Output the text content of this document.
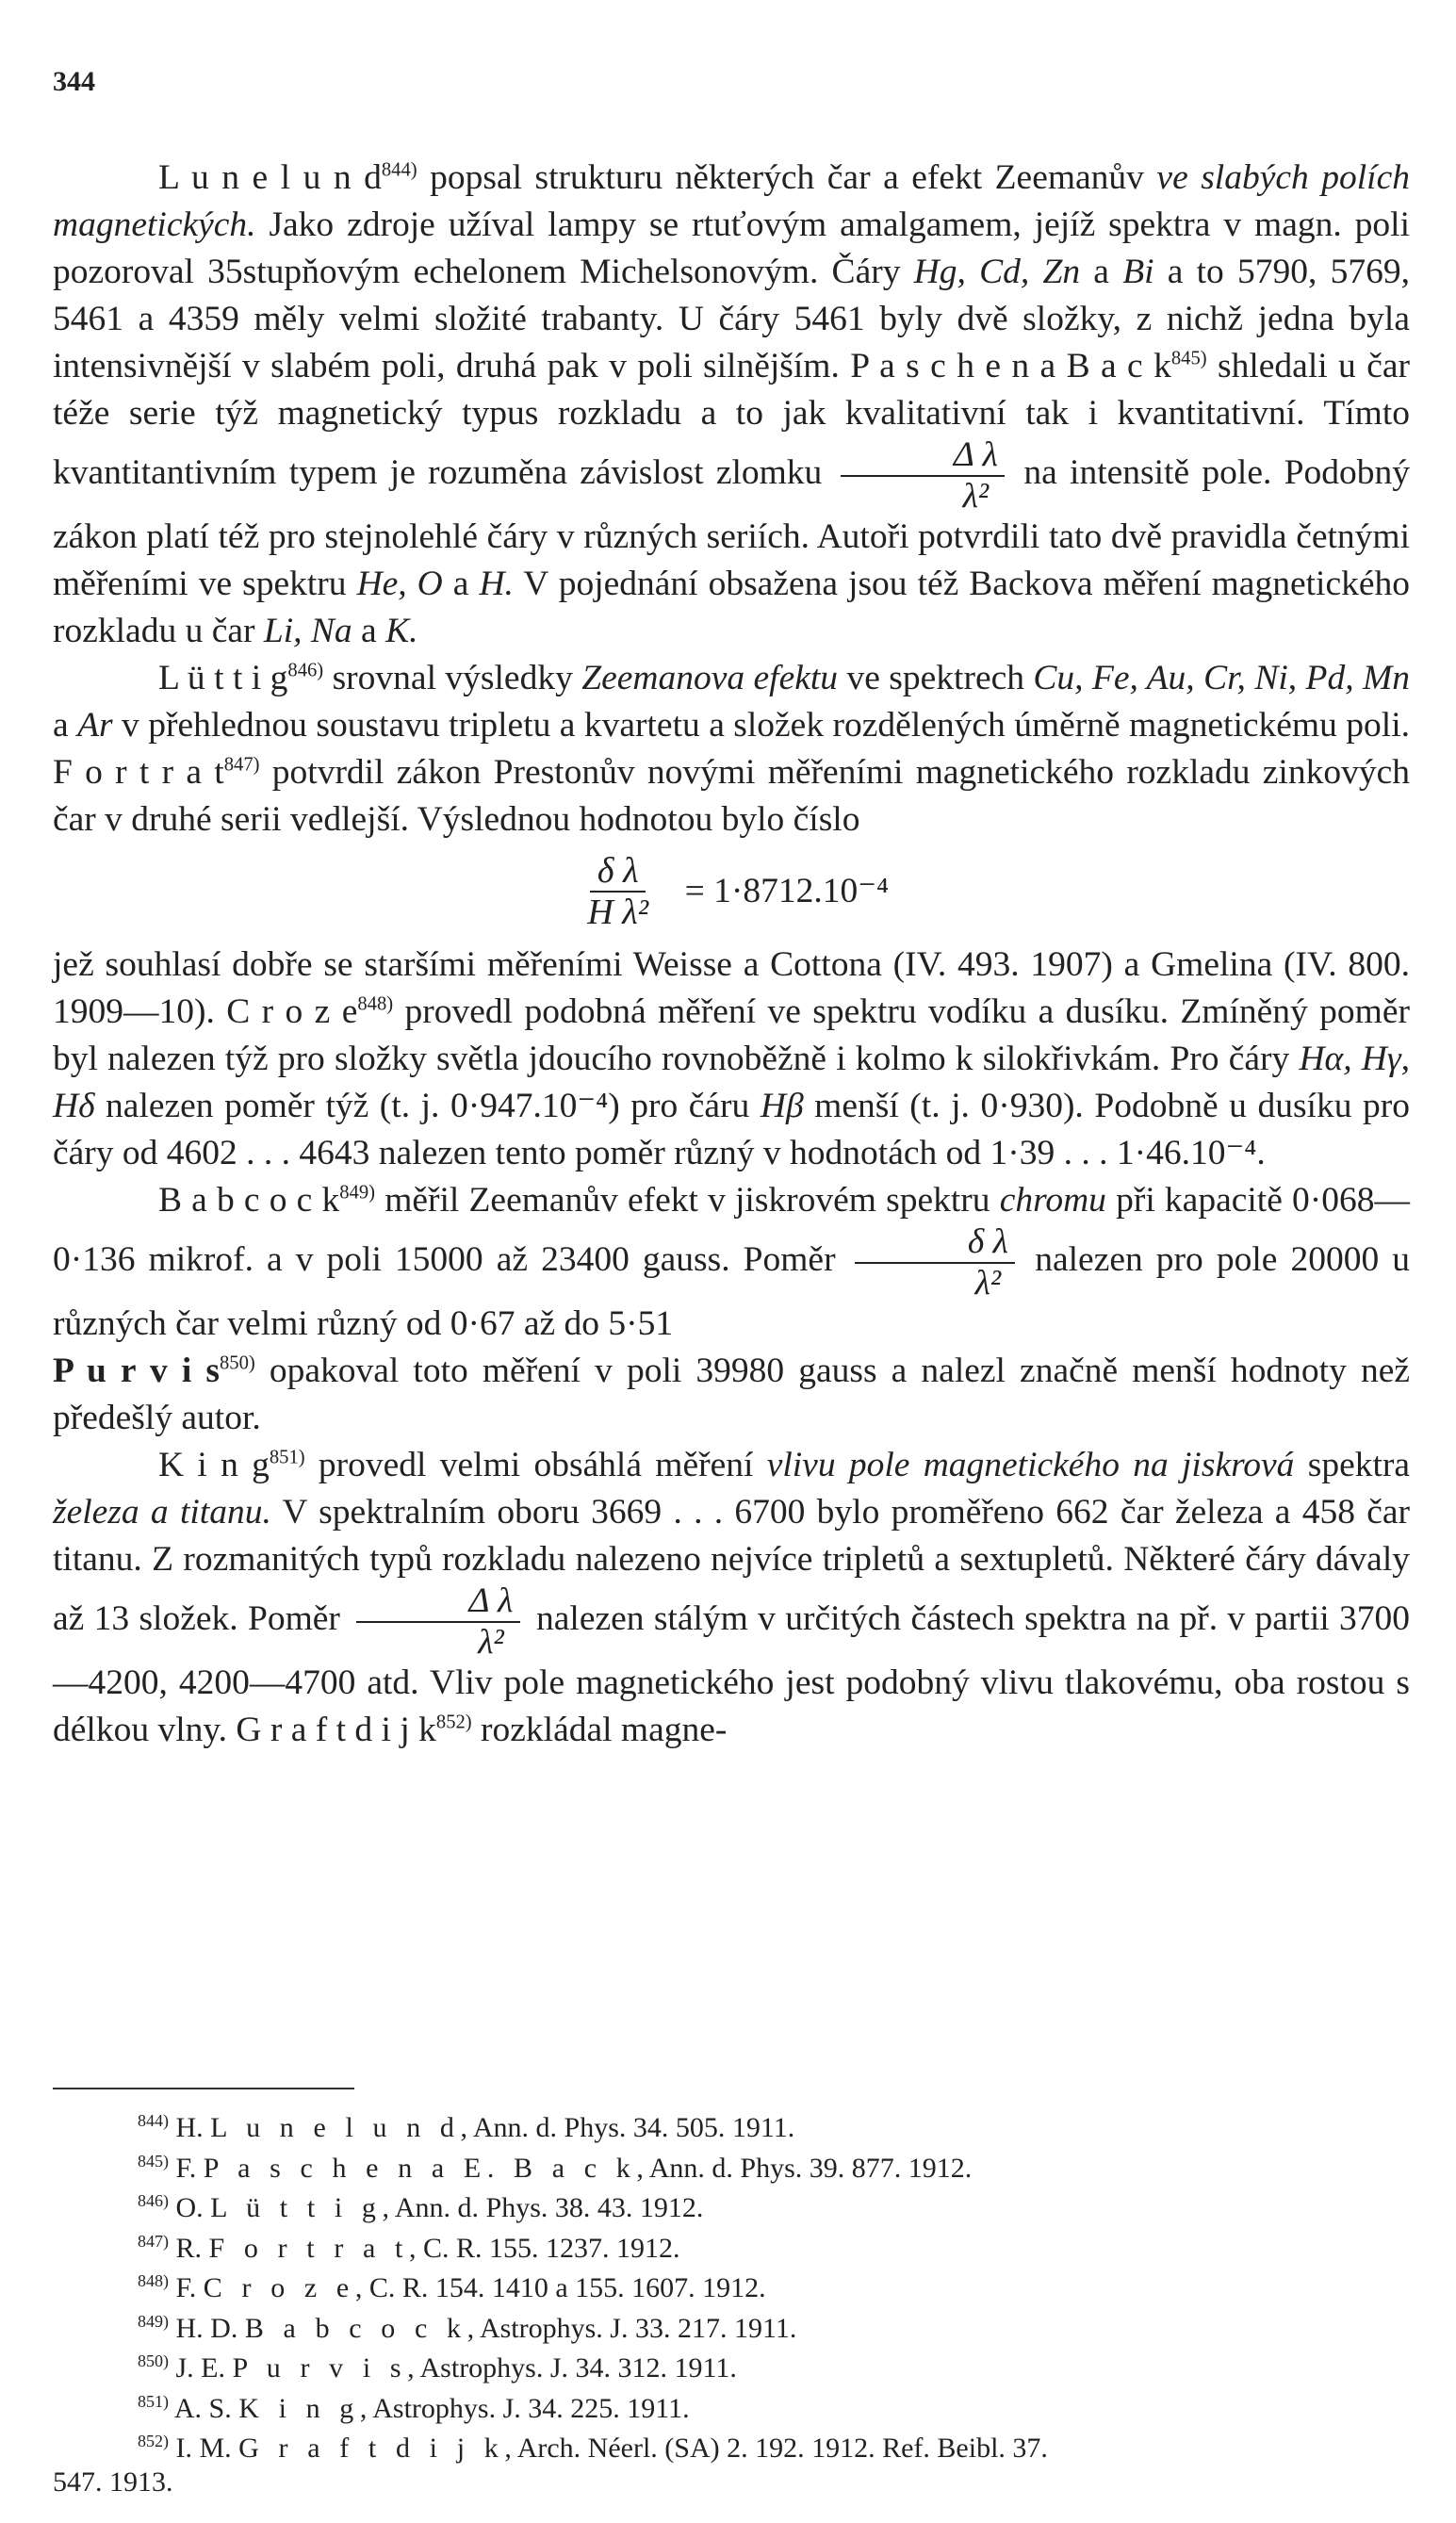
344

L u n e l u n $d^{844)}$ popsal strukturu některých čar a efekt Zeemanův ve slabých polích magnetických. Jako zdroje užíval lampy se rtuťovým amalgamem, jejíž spektra v magn. poli pozoroval 35stupňovým echelonem Michelsonovým. Čáry Hg, Cd, Zn a Bi a to 5790, 5769, 5461 a 4359 měly velmi složité trabanty. U čáry 5461 byly dvě složky, z nichž jedna byla intensivnější v slabém poli, druhá pak v poli silnějším. P a s c h e n a B a c $k^{845)}$ shledali u čar téže serie týž magnetický typus rozkladu a to jak kvalitativní tak i kvantitativní. Tímto kvantitantivním typem je rozuměna závislost zlomku $\frac{\text{Δ λ}}{\text{λ²}}$ na intensitě pole. Podobný zákon platí též pro stejnolehlé čáry v různých seriích. Autoři potvrdili tato dvě pravidla četnými měřeními ve spektru He, O a H. V pojednání obsažena jsou též Backova měření magnetického rozkladu u čar Li, Na a K.

L ü t t i $g^{846)}$ srovnal výsledky Zeemanova efektu ve spektrech Cu, Fe, Au, Cr, Ni, Pd, Mn a Ar v přehlednou soustavu tripletu a kvartetu a složek rozdělených úměrně magnetickému poli. F o r t r a $t^{847)}$ potvrdil zákon Prestonův novými měřeními magnetického rozkladu zinkových čar v druhé serii vedlejší. Výslednou hodnotou bylo číslo

$\frac{\text{δ λ}}{\text{H λ²}} = 1\cdot 8712.10^{-4}$

jež souhlasí dobře se staršími měřeními Weisse a Cottona (IV. 493. 1907) a Gmelina (IV. 800. 1909—10). C r o z $e^{848)}$ provedl podobná měření ve spektru vodíku a dusíku. Zmíněný poměr byl nalezen týž pro složky světla jdoucího rovnoběžně i kolmo k silokřivkám. Pro čáry Hα, Hγ, Hδ nalezen poměr týž (t. j. 0·947.10⁻⁴) pro čáru Hβ menší (t. j. 0·930). Podobně u dusíku pro čáry od 4602 . . . 4643 nalezen tento poměr různý v hodnotách od 1·39 . . . 1·46.10⁻⁴.

B a b c o c $k^{849)}$ měřil Zeemanův efekt v jiskrovém spektru chromu při kapacitě 0·068—0·136 mikrof. a v poli 15000 až 23400 gauss. Poměr $\frac{\text{δ λ}}{\text{λ²}}$ nalezen pro pole 20000 u různých čar velmi různý od 0·67 až do 5·51

P u r v i $s^{850)}$ opakoval toto měření v poli 39980 gauss a nalezl značně menší hodnoty než předešlý autor.

K i n $g^{851)}$ provedl velmi obsáhlá měření vlivu pole magnetického na jiskrová spektra železa a titanu. V spektralním oboru 3669 . . . 6700 bylo proměřeno 662 čar železa a 458 čar titanu. Z rozmanitých typů rozkladu nalezeno nejvíce tripletů a sextupletů. Některé čáry dávaly až 13 složek. Poměr $\frac{\text{Δ λ}}{\text{λ²}}$ nalezen stálým v určitých částech spektra na př. v partii 3700—4200, 4200—4700 atd. Vliv pole magnetického jest podobný vlivu tlakovému, oba rostou s délkou vlny. G r a f t d i j $k^{852)}$ rozkládal magne-

$^{844)}$ H. L u n e l u n d, Ann. d. Phys. 34. 505. 1911.
$^{845)}$ F. P a s c h e n a E. B a c k, Ann. d. Phys. 39. 877. 1912.
$^{846)}$ O. L ü t t i g, Ann. d. Phys. 38. 43. 1912.
$^{847)}$ R. F o r t r a t, C. R. 155. 1237. 1912.
$^{848)}$ F. C r o z e, C. R. 154. 1410 a 155. 1607. 1912.
$^{849)}$ H. D. B a b c o c k, Astrophys. J. 33. 217. 1911.
$^{850)}$ J. E. P u r v i s, Astrophys. J. 34. 312. 1911.
$^{851)}$ A. S. K i n g, Astrophys. J. 34. 225. 1911.
$^{852)}$ I. M. G r a f t d i j k, Arch. Néerl. (SA) 2. 192. 1912. Ref. Beibl. 37.
547. 1913.
